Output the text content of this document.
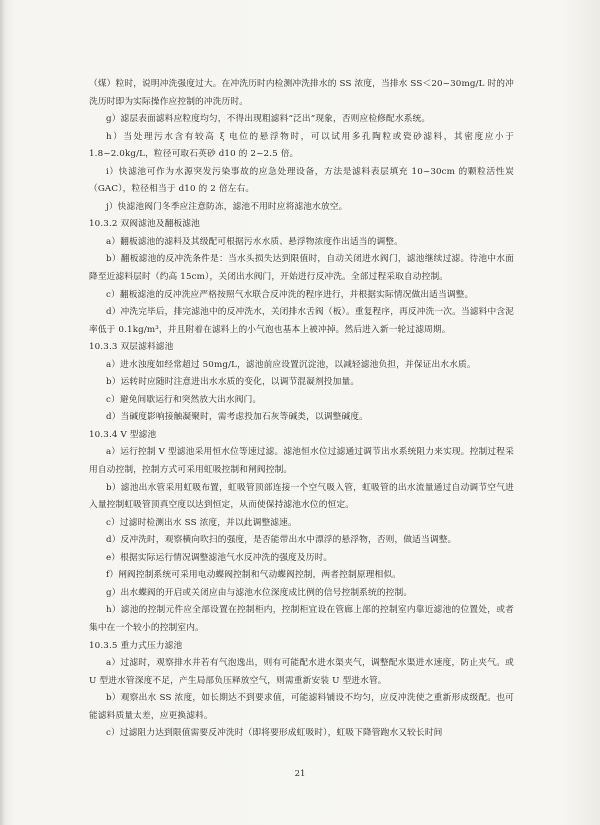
（煤）粒时，说明冲洗强度过大。在冲洗历时内检测冲洗排水的 SS 浓度，当排水 SS＜20~30mg/L 时的冲洗历时即为实际操作应控制的冲洗历时。

g）滤层表面滤料应粒度均匀，不得出现粗滤料“泛出”现象，否则应检修配水系统。

h）当处理污水含有较高 ξ 电位的悬浮物时，可以试用多孔陶粒或瓷砂滤料，其密度应小于 1.8~2.0kg/L，粒径可取石英砂 d10 的 2~2.5 倍。

i）快滤池可作为水源突发污染事故的应急处理设备，方法是滤料表层填充 10~30cm 的颗粒活性炭（GAC），粒径相当于 d10 的 2 倍左右。

j）快滤池阀门冬季应注意防冻，滤池不用时应将滤池水放空。

10.3.2 双阀滤池及翻板滤池

a）翻板滤池的滤料及其级配可根据污水水质、悬浮物浓度作出适当的调整。

b）翻板滤池的反冲洗条件是：当水头损失达到限值时，自动关闭进水阀门，滤池继续过滤。待池中水面降至近滤料层时（约高 15cm），关闭出水阀门，开始进行反冲洗。全部过程采取自动控制。

c）翻板滤池的反冲洗应严格按照气水联合反冲洗的程序进行，并根据实际情况做出适当调整。

d）冲洗完毕后，排完滤池中的反冲洗水，关闭排水舌阀（板）。重复程序，再反冲洗一次。当滤料中含泥率低于 0.1kg/m³，并且附着在滤料上的小气泡也基本上被冲掉。然后进入新一轮过滤周期。

10.3.3 双层滤料滤池

a）进水浊度如经常超过 50mg/L，滤池前应设置沉淀池，以减轻滤池负担，并保证出水水质。

b）运转时应随时注意进出水水质的变化，以调节混凝剂投加量。

c）避免间歇运行和突然放大出水阀门。

d）当碱度影响接触凝聚时，需考虑投加石灰等碱类，以调整碱度。

10.3.4 V 型滤池

a）运行控制 V 型滤池采用恒水位等速过滤。滤池恒水位过滤通过调节出水系统阻力来实现。控制过程采用自动控制，控制方式可采用虹吸控制和闸阀控制。

b）滤池出水管采用虹吸布置，虹吸管顶部连接一个空气吸入管，虹吸管的出水流量通过自动调节空气进入量控制虹吸管顶真空度以达到恒定，从而使保持滤池水位的恒定。

c）过滤时检测出水 SS 浓度，并以此调整滤速。

d）反冲洗时，观察横向吹扫的强度，是否能带出水中漂浮的悬浮物，否则，做适当调整。

e）根据实际运行情况调整滤池气水反冲洗的强度及历时。

f）闸阀控制系统可采用电动蝶阀控制和气动蝶阀控制，两者控制原理相似。

g）出水蝶阀的开启或关闭应由与滤池水位深度成比例的信号控制系统的控制。

h）滤池的控制元件应全部设置在控制柜内，控制柜宜设在管廊上部的控制室内靠近滤池的位置处，或者集中在一个较小的控制室内。

10.3.5 重力式压力滤池

a）过滤时，观察排水井若有气泡逸出，则有可能配水进水渠夹气，调整配水渠进水速度，防止夹气。或 U 型进水管深度不足，产生局部负压释放空气，则需重新安装 U 型进水管。

b）观察出水 SS 浓度，如长期达不到要求值，可能滤料铺设不均匀，应反冲洗使之重新形成级配。也可能滤料质量太差，应更换滤料。

c）过滤阻力达到限值需要反冲洗时（即将要形成虹吸时），虹吸下降管跑水又较长时间

21
